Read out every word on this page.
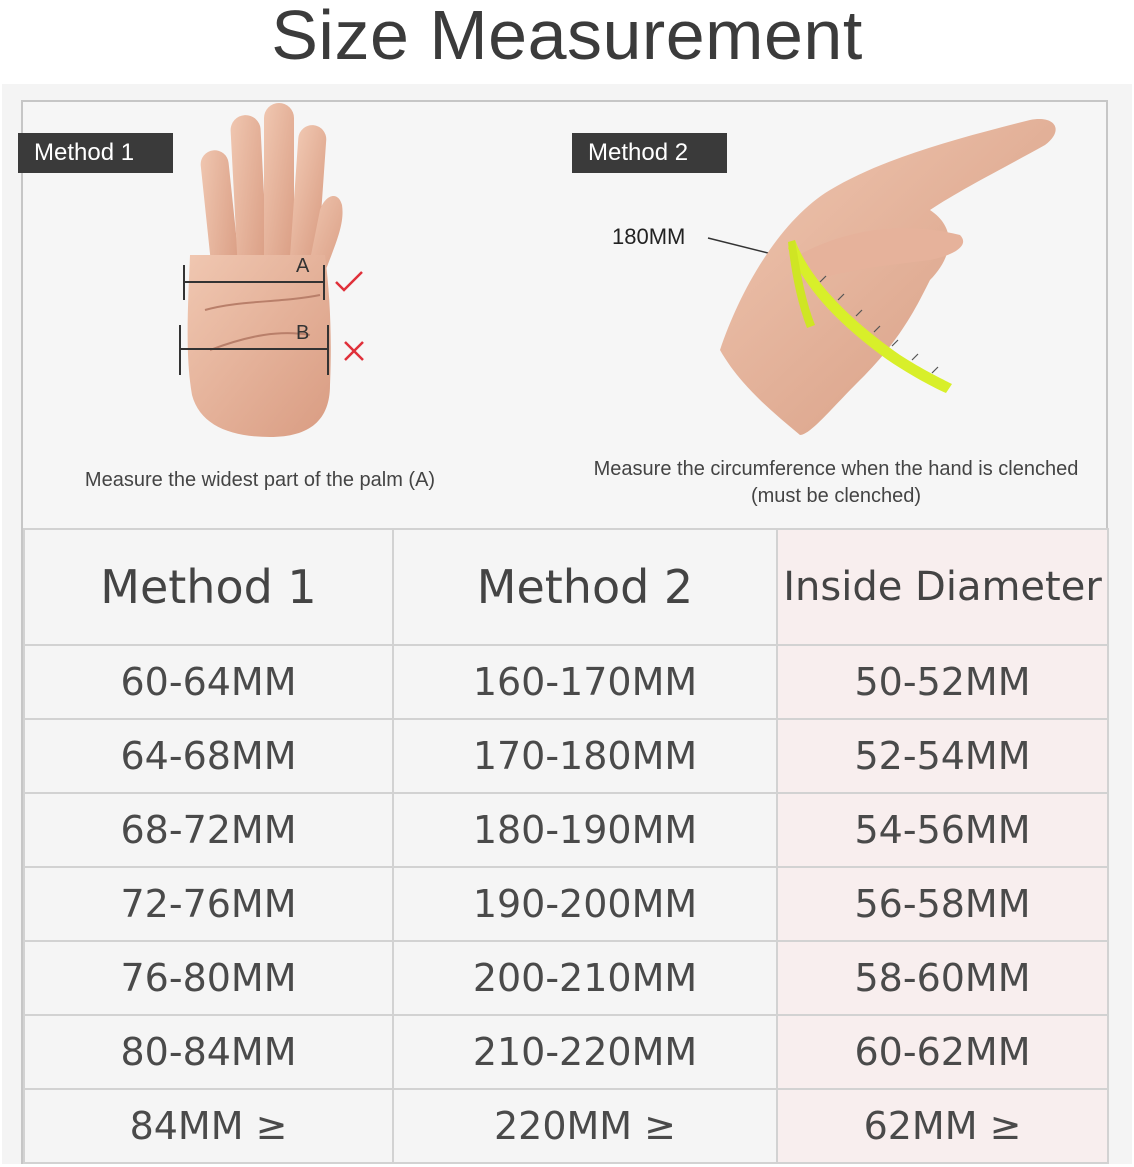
Size Measurement
Method 1
A
B
Measure the widest part of the palm (A)
Method 2
180MM
Measure the circumference when the hand is clenched
(must be clenched)
Method 1	Method 2	Inside Diameter
60-64MM	160-170MM	50-52MM
64-68MM	170-180MM	52-54MM
68-72MM	180-190MM	54-56MM
72-76MM	190-200MM	56-58MM
76-80MM	200-210MM	58-60MM
80-84MM	210-220MM	60-62MM
84MM ≥	220MM ≥	62MM ≥
